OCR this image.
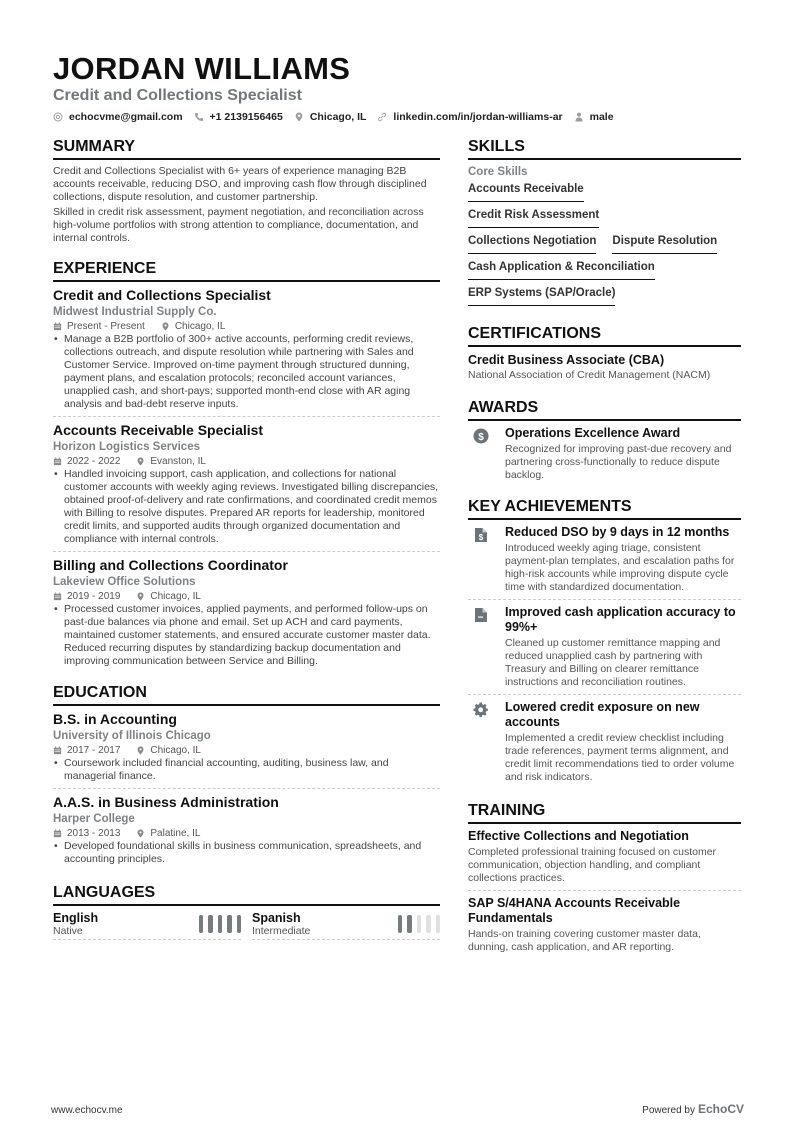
JORDAN WILLIAMS
Credit and Collections Specialist
echocvme@gmail.com	+1 2139156465	Chicago, IL	linkedin.com/in/jordan-williams-ar	male
SUMMARY

Credit and Collections Specialist with 6+ years of experience managing B2B accounts receivable, reducing DSO, and improving cash flow through disciplined collections, dispute resolution, and customer partnership.

Skilled in credit risk assessment, payment negotiation, and reconciliation across high-volume portfolios with strong attention to compliance, documentation, and internal controls.

EXPERIENCE
Credit and Collections Specialist
Midwest Industrial Supply Co.
Present - Present	Chicago, IL
• Manage a B2B portfolio of 300+ active accounts, performing credit reviews, collections outreach, and dispute resolution while partnering with Sales and Customer Service. Improved on-time payment through structured dunning, payment plans, and escalation protocols; reconciled account variances, unapplied cash, and short-pays; supported month-end close with AR aging analysis and bad-debt reserve inputs.
Accounts Receivable Specialist
Horizon Logistics Services
2022 - 2022	Evanston, IL
• Handled invoicing support, cash application, and collections for national customer accounts with weekly aging reviews. Investigated billing discrepancies, obtained proof-of-delivery and rate confirmations, and coordinated credit memos with Billing to resolve disputes. Prepared AR reports for leadership, monitored credit limits, and supported audits through organized documentation and compliance with internal controls.
Billing and Collections Coordinator
Lakeview Office Solutions
2019 - 2019	Chicago, IL
• Processed customer invoices, applied payments, and performed follow-ups on past-due balances via phone and email. Set up ACH and card payments, maintained customer statements, and ensured accurate customer master data. Reduced recurring disputes by standardizing backup documentation and improving communication between Service and Billing.
EDUCATION
B.S. in Accounting
University of Illinois Chicago
2017 - 2017	Chicago, IL
• Coursework included financial accounting, auditing, business law, and managerial finance.
A.A.S. in Business Administration
Harper College
2013 - 2013	Palatine, IL
• Developed foundational skills in business communication, spreadsheets, and accounting principles.
LANGUAGES
English
Native
Spanish
Intermediate
SKILLS
Core Skills
Accounts Receivable
Credit Risk Assessment
Collections Negotiation Dispute Resolution
Cash Application & Reconciliation
ERP Systems (SAP/Oracle)
CERTIFICATIONS
Credit Business Associate (CBA)
National Association of Credit Management (NACM)
AWARDS
$ Operations Excellence Award
Recognized for improving past-due recovery and partnering cross-functionally to reduce dispute backlog.
KEY ACHIEVEMENTS
$ Reduced DSO by 9 days in 12 months
Introduced weekly aging triage, consistent payment-plan templates, and escalation paths for high-risk accounts while improving dispute cycle time with standardized documentation.
Improved cash application accuracy to 99%+
Cleaned up customer remittance mapping and reduced unapplied cash by partnering with Treasury and Billing on clearer remittance instructions and reconciliation routines.
Lowered credit exposure on new accounts
Implemented a credit review checklist including trade references, payment terms alignment, and credit limit recommendations tied to order volume and risk indicators.
TRAINING
Effective Collections and Negotiation
Completed professional training focused on customer communication, objection handling, and compliant collections practices.
SAP S/4HANA Accounts Receivable Fundamentals
Hands-on training covering customer master data, dunning, cash application, and AR reporting.
www.echocv.me	Powered by EchoCV
